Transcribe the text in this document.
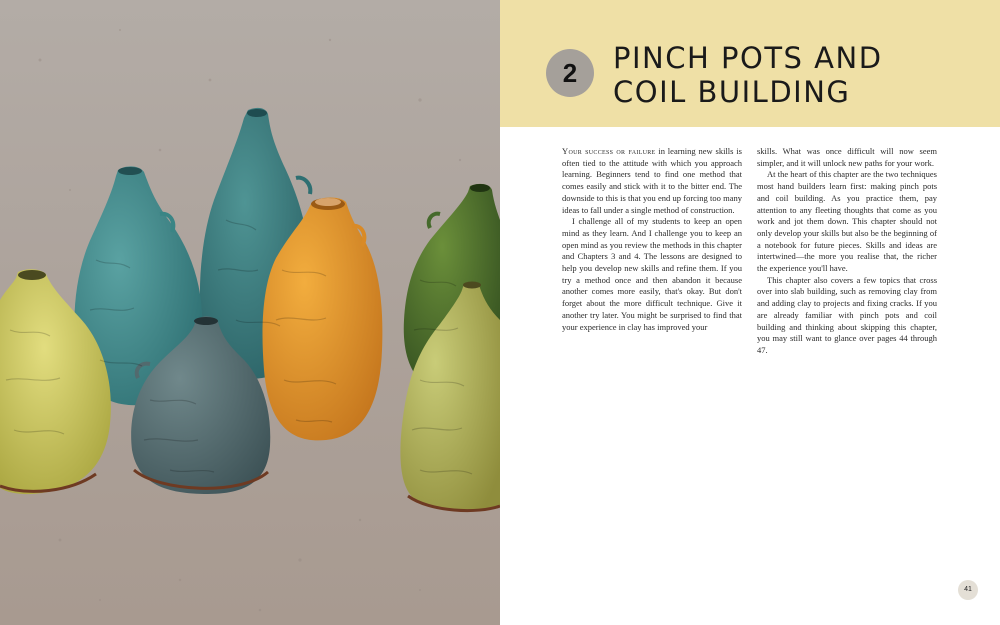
2	PINCH POTS AND
COIL BUILDING

Your success or failure in learning new skills is often tied to the attitude with which you approach learning. Beginners tend to find one method that comes easily and stick with it to the bitter end. The downside to this is that you end up forcing too many ideas to fall under a single method of construction.

I challenge all of my students to keep an open mind as they learn. And I challenge you to keep an open mind as you review the methods in this chapter and Chapters 3 and 4. The lessons are designed to help you develop new skills and refine them. If you try a method once and then abandon it because another comes more easily, that's okay. But don't forget about the more difficult technique. Give it another try later. You might be surprised to find that your experience in clay has improved your

skills. What was once difficult will now seem simpler, and it will unlock new paths for your work.

At the heart of this chapter are the two techniques most hand builders learn first: making pinch pots and coil building. As you practice them, pay attention to any fleeting thoughts that come as you work and jot them down. This chapter should not only develop your skills but also be the beginning of a notebook for future pieces. Skills and ideas are intertwined—the more you realise that, the richer the experience you'll have.

This chapter also covers a few topics that cross over into slab building, such as removing clay from and adding clay to projects and fixing cracks. If you are already familiar with pinch pots and coil building and thinking about skipping this chapter, you may still want to glance over pages 44 through 47.

41
